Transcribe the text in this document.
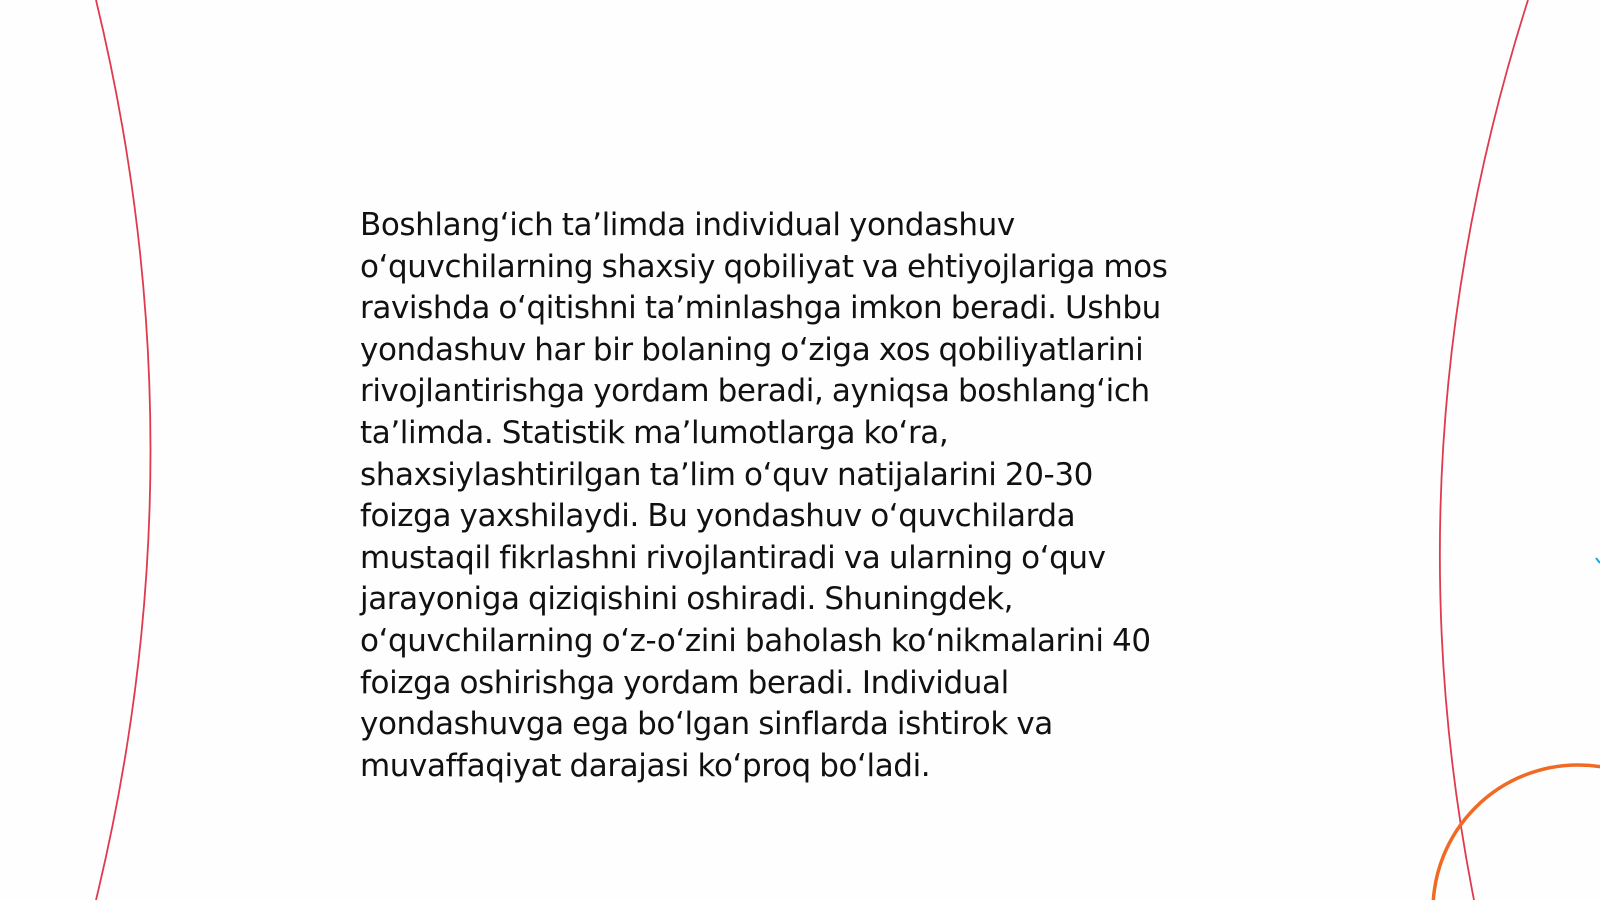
Boshlangʻich taʼlimda individual yondashuv
oʻquvchilarning shaxsiy qobiliyat va ehtiyojlariga mos
ravishda oʻqitishni taʼminlashga imkon beradi. Ushbu
yondashuv har bir bolaning oʻziga xos qobiliyatlarini
rivojlantirishga yordam beradi, ayniqsa boshlangʻich
taʼlimda. Statistik maʼlumotlarga koʻra,
shaxsiylashtirilgan taʼlim oʻquv natijalarini 20-30
foizga yaxshilaydi. Bu yondashuv oʻquvchilarda
mustaqil fikrlashni rivojlantiradi va ularning oʻquv
jarayoniga qiziqishini oshiradi. Shuningdek,
oʻquvchilarning oʻz-oʻzini baholash koʻnikmalarini 40
foizga oshirishga yordam beradi. Individual
yondashuvga ega boʻlgan sinflarda ishtirok va
muvaffaqiyat darajasi koʻproq boʻladi.
